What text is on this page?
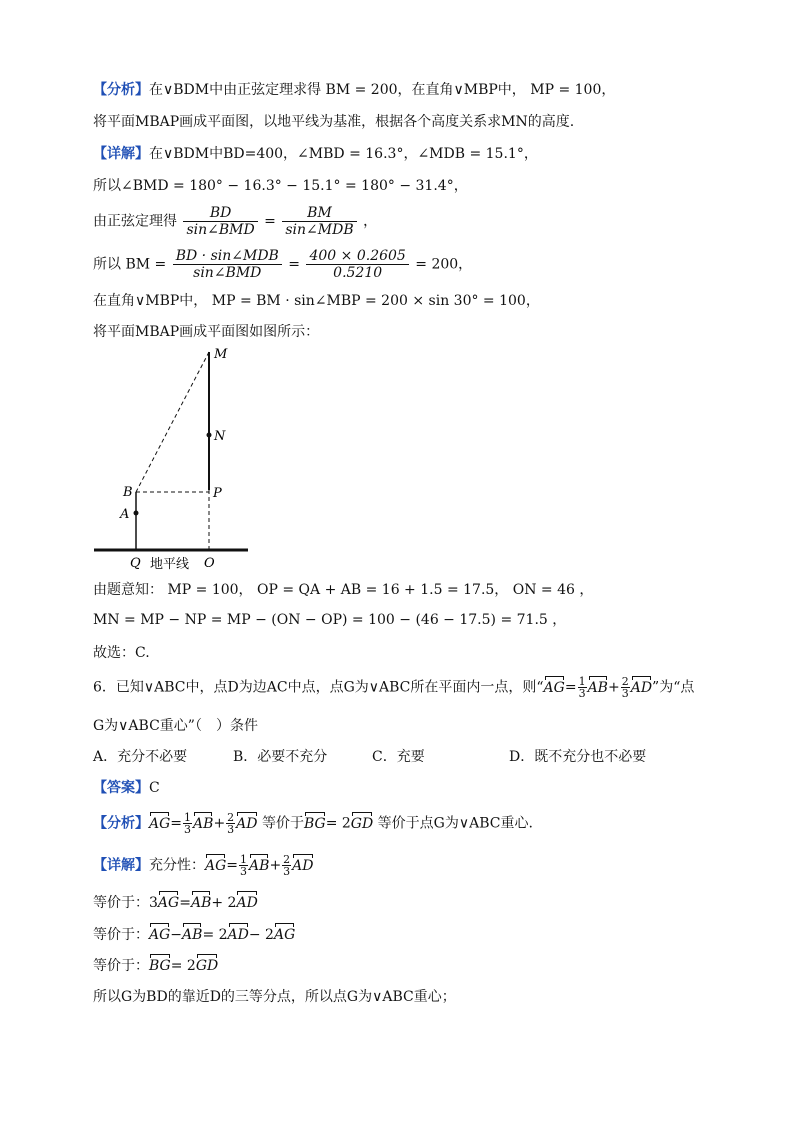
【分析】在∨BDM中由正弦定理求得 BM = 200，在直角∨MBP中， MP = 100，
将平面MBAP画成平面图，以地平线为基准，根据各个高度关系求MN的高度.
【详解】在∨BDM中BD=400，∠MBD = 16.3°，∠MDB = 15.1°，
所以∠BMD = 180° − 16.3° − 15.1° = 180° − 31.4°，
由正弦定理得 $\frac{BD}{\text{sin∠BMD}} = \frac{BM}{\text{sin∠MDB}}$ ，
所以 BM = $\frac{\text{BD · sin∠MDB}}{\text{sin∠BMD}} = \frac{400 \times 0.2605}{0.5210} = 200$，
在直角∨MBP中， MP = BM · sin∠MBP = 200 × sin 30° = 100，
将平面MBAP画成平面图如图所示：
M
N
B	P
A
Q	O
地平线
由题意知： MP = 100， OP = QA + AB = 16 + 1.5 = 17.5， ON = 46 ，
MN = MP − NP = MP − (ON − OP) = 100 − (46 − 17.5) = 71.5 ，
故选：C.
6．已知∨ABC中，点D为边AC中点，点G为∨ABC所在平面内一点，则“$AG= \frac{1}{3} AB+ \frac{2}{3}$ AD”为“点
G为∨ABC重心”（　）条件
A．充分不必要	B．必要不充分	C．充要	D．既不充分也不必要
【答案】C
【分析】$AG= \frac{1}{3} AB+ \frac{2}{3}$ AD 等价于BG= 2GD 等价于点G为∨ABC重心.
【详解】充分性：$AG= \frac{1}{3} AB+ \frac{2}{3}$ AD
等价于：3AG=AB+ 2AD
等价于：AG−AB= 2AD− 2AG
等价于：BG= 2GD
所以G为BD的靠近D的三等分点，所以点G为∨ABC重心；
